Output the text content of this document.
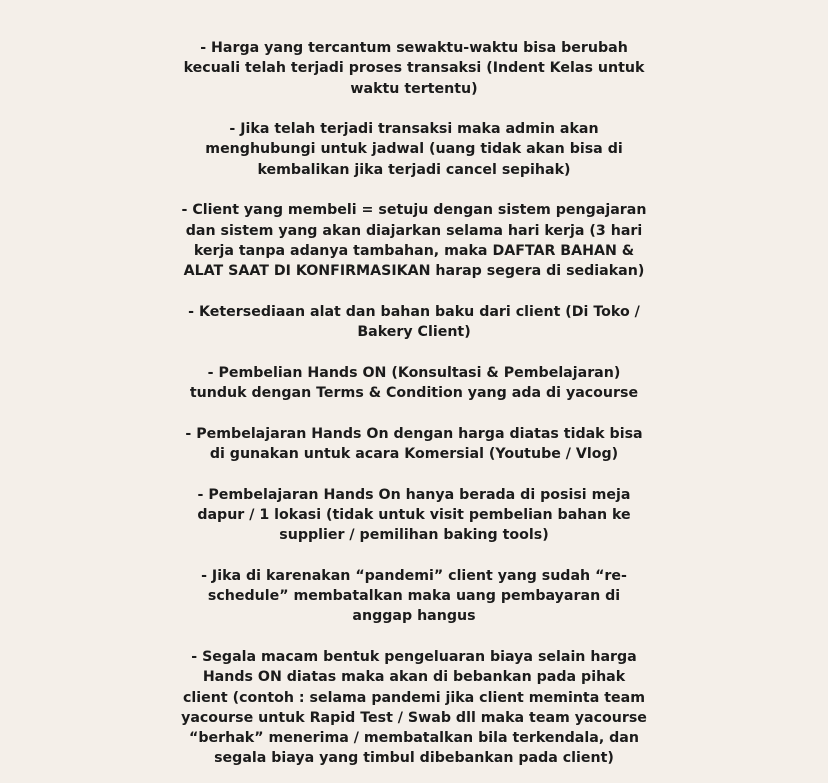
- Harga yang tercantum sewaktu-waktu bisa berubah
kecuali telah terjadi proses transaksi (Indent Kelas untuk
waktu tertentu)

- Jika telah terjadi transaksi maka admin akan
menghubungi untuk jadwal (uang tidak akan bisa di
kembalikan jika terjadi cancel sepihak)

- Client yang membeli = setuju dengan sistem pengajaran
dan sistem yang akan diajarkan selama hari kerja (3 hari
kerja tanpa adanya tambahan, maka DAFTAR BAHAN &
ALAT SAAT DI KONFIRMASIKAN harap segera di sediakan)

- Ketersediaan alat dan bahan baku dari client (Di Toko /
Bakery Client)

- Pembelian Hands ON (Konsultasi & Pembelajaran)
tunduk dengan Terms & Condition yang ada di yacourse

- Pembelajaran Hands On dengan harga diatas tidak bisa
di gunakan untuk acara Komersial (Youtube / Vlog)

- Pembelajaran Hands On hanya berada di posisi meja
dapur / 1 lokasi (tidak untuk visit pembelian bahan ke
supplier / pemilihan baking tools)

- Jika di karenakan “pandemi” client yang sudah “re-
schedule” membatalkan maka uang pembayaran di
anggap hangus

- Segala macam bentuk pengeluaran biaya selain harga
Hands ON diatas maka akan di bebankan pada pihak
client (contoh : selama pandemi jika client meminta team
yacourse untuk Rapid Test / Swab dll maka team yacourse
“berhak” menerima / membatalkan bila terkendala, dan
segala biaya yang timbul dibebankan pada client)
